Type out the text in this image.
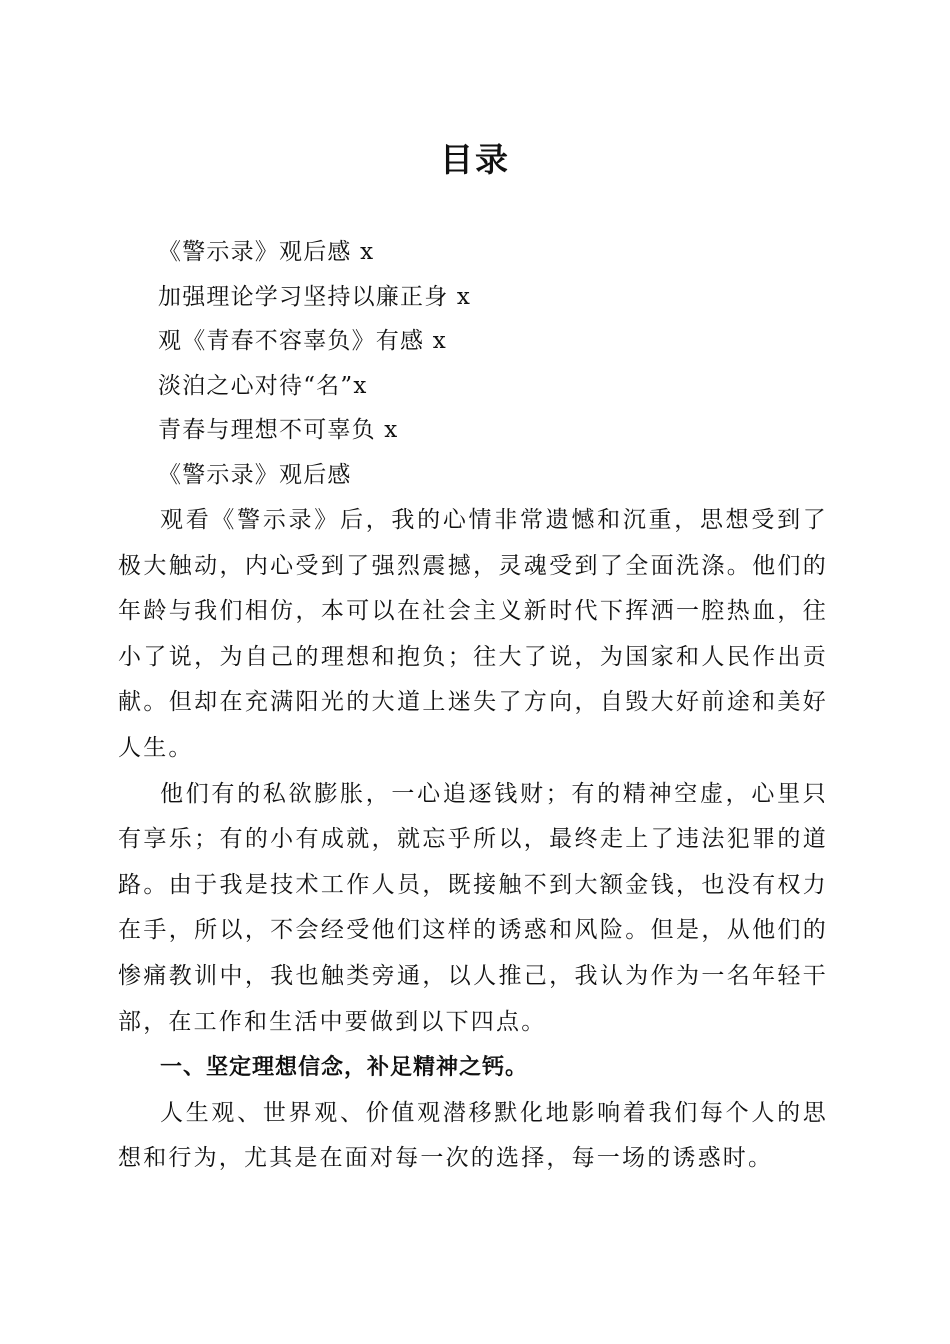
目录
《警示录》观后感 x
加强理论学习坚持以廉正身 x
观《青春不容辜负》有感 x
淡泊之心对待“名”x
青春与理想不可辜负 x
《警示录》观后感

观看《警示录》后，我的心情非常遗憾和沉重，思想受到了极大触动，内心受到了强烈震撼，灵魂受到了全面洗涤。他们的年龄与我们相仿，本可以在社会主义新时代下挥洒一腔热血，往小了说，为自己的理想和抱负；往大了说，为国家和人民作出贡献。但却在充满阳光的大道上迷失了方向，自毁大好前途和美好人生。

他们有的私欲膨胀，一心追逐钱财；有的精神空虚，心里只有享乐；有的小有成就，就忘乎所以，最终走上了违法犯罪的道路。由于我是技术工作人员，既接触不到大额金钱，也没有权力在手，所以，不会经受他们这样的诱惑和风险。但是，从他们的惨痛教训中，我也触类旁通，以人推己，我认为作为一名年轻干部，在工作和生活中要做到以下四点。

一、坚定理想信念，补足精神之钙。

人生观、世界观、价值观潜移默化地影响着我们每个人的思想和行为，尤其是在面对每一次的选择，每一场的诱惑时。
